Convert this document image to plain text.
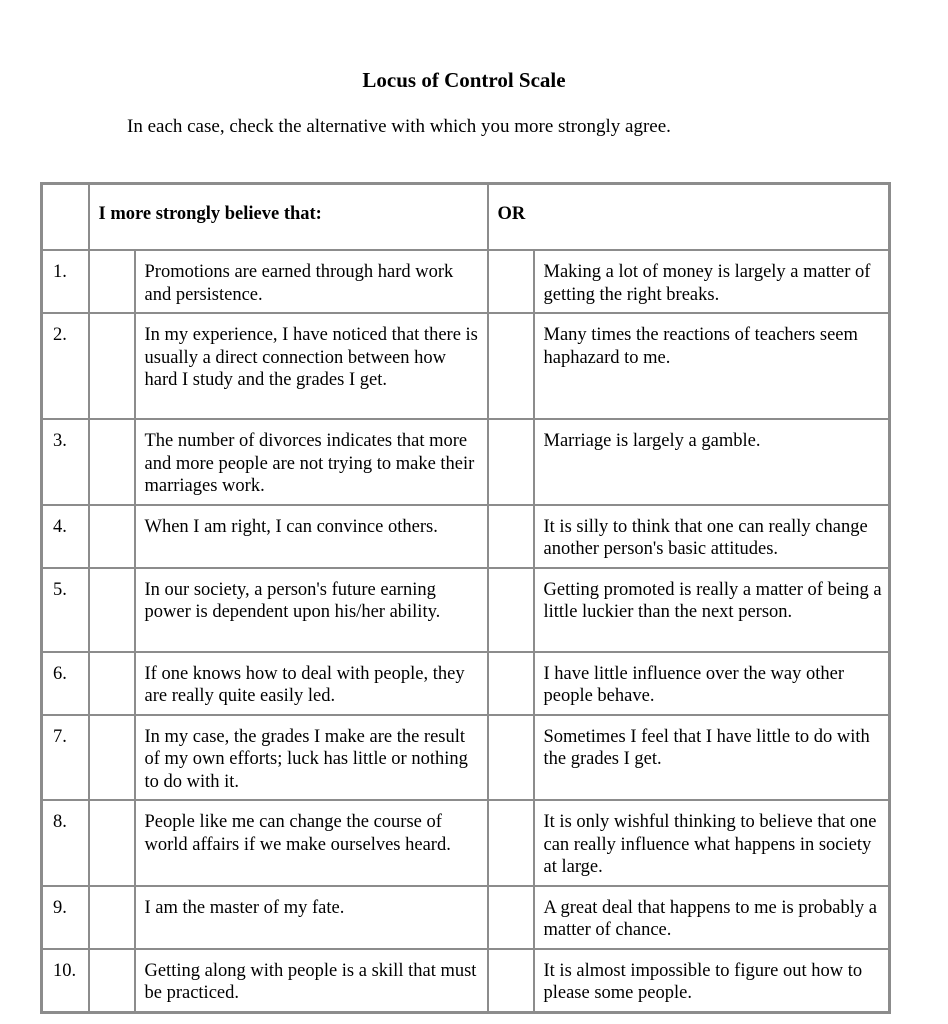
Locus of Control Scale
In each case, check the alternative with which you more strongly agree.

	I more strongly believe that:		OR	

1.		Promotions are earned through hard work and persistence.		Making a lot of money is largely a matter of getting the right breaks.
2.		In my experience, I have noticed that there is usually a direct connection between how hard I study and the grades I get.		Many times the reactions of teachers seem haphazard to me.
3.		The number of divorces indicates that more and more people are not trying to make their marriages work.		Marriage is largely a gamble.
4.		When I am right, I can convince others.		It is silly to think that one can really change another person's basic attitudes.
5.		In our society, a person's future earning power is dependent upon his/her ability.		Getting promoted is really a matter of being a little luckier than the next person.
6.		If one knows how to deal with people, they are really quite easily led.		I have little influence over the way other people behave.
7.		In my case, the grades I make are the result of my own efforts; luck has little or nothing to do with it.		Sometimes I feel that I have little to do with the grades I get.
8.		People like me can change the course of world affairs if we make ourselves heard.		It is only wishful thinking to believe that one can really influence what happens in society at large.
9.		I am the master of my fate.		A great deal that happens to me is probably a matter of chance.
10.		Getting along with people is a skill that must be practiced.		It is almost impossible to figure out how to please some people.
